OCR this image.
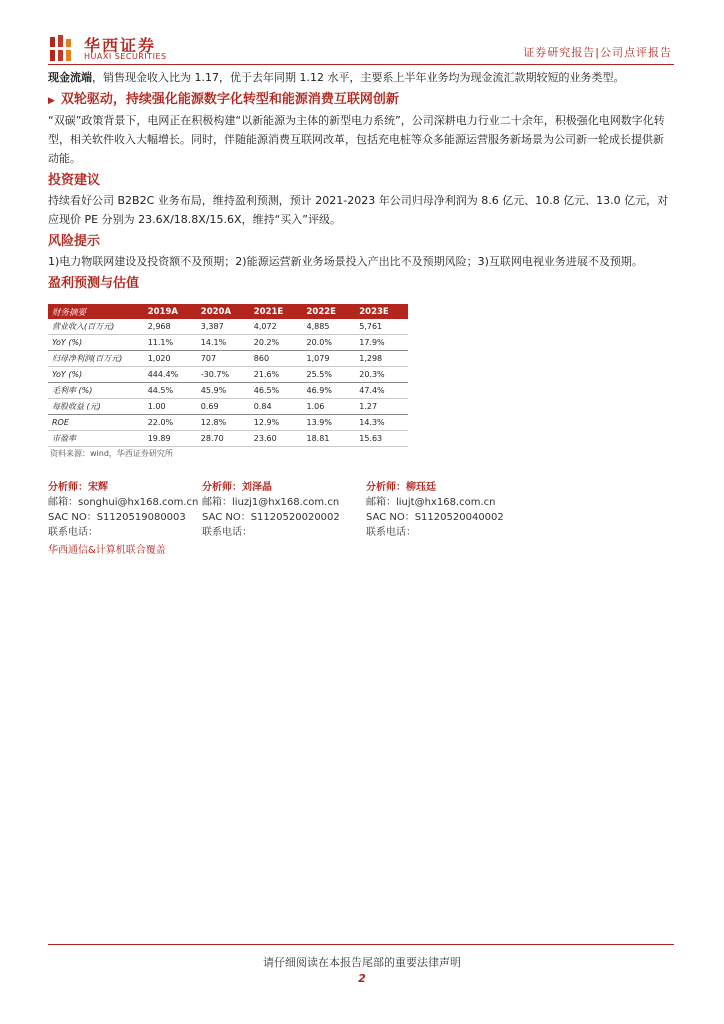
华西证券
HUAXI SECURITIES	证券研究报告|公司点评报告

现金流端，销售现金收入比为 1.17，优于去年同期 1.12 水平，主要系上半年业务均为现金流汇款期较短的业务类型。

▶ 双轮驱动，持续强化能源数字化转型和能源消费互联网创新

“双碳”政策背景下，电网正在积极构建“以新能源为主体的新型电力系统”，公司深耕电力行业二十余年，积极强化电网数字化转型，相关软件收入大幅增长。同时，伴随能源消费互联网改革，包括充电桩等众多能源运营服务新场景为公司新一轮成长提供新动能。

投资建议

持续看好公司 B2B2C 业务布局，维持盈利预测，预计 2021-2023 年公司归母净利润为 8.6 亿元、10.8 亿元、13.0 亿元，对应现价 PE 分别为 23.6X/18.8X/15.6X，维持“买入”评级。

风险提示

1)电力物联网建设及投资额不及预期；2)能源运营新业务场景投入产出比不及预期风险；3)互联网电视业务进展不及预期。

盈利预测与估值
财务摘要	2019A	2020A	2021E	2022E	2023E
营业收入(百万元)	2,968	3,387	4,072	4,885	5,761
YoY (%)	11.1%	14.1%	20.2%	20.0%	17.9%
归母净利润(百万元)	1,020	707	860	1,079	1,298
YoY (%)	444.4%	-30.7%	21.6%	25.5%	20.3%
毛利率 (%)	44.5%	45.9%	46.5%	46.9%	47.4%
每股收益 (元)	1.00	0.69	0.84	1.06	1.27
ROE	22.0%	12.8%	12.9%	13.9%	14.3%
市盈率	19.89	28.70	23.60	18.81	15.63
资料来源：wind，华西证券研究所
分析师：宋辉
邮箱：songhui@hx168.com.cn
SAC NO：S1120519080003
联系电话：
分析师：刘泽晶
邮箱：liuzj1@hx168.com.cn
SAC NO：S1120520020002
联系电话：
分析师：柳珏廷
邮箱：liujt@hx168.com.cn
SAC NO：S1120520040002
联系电话：
华西通信&计算机联合覆盖
请仔细阅读在本报告尾部的重要法律声明
2
